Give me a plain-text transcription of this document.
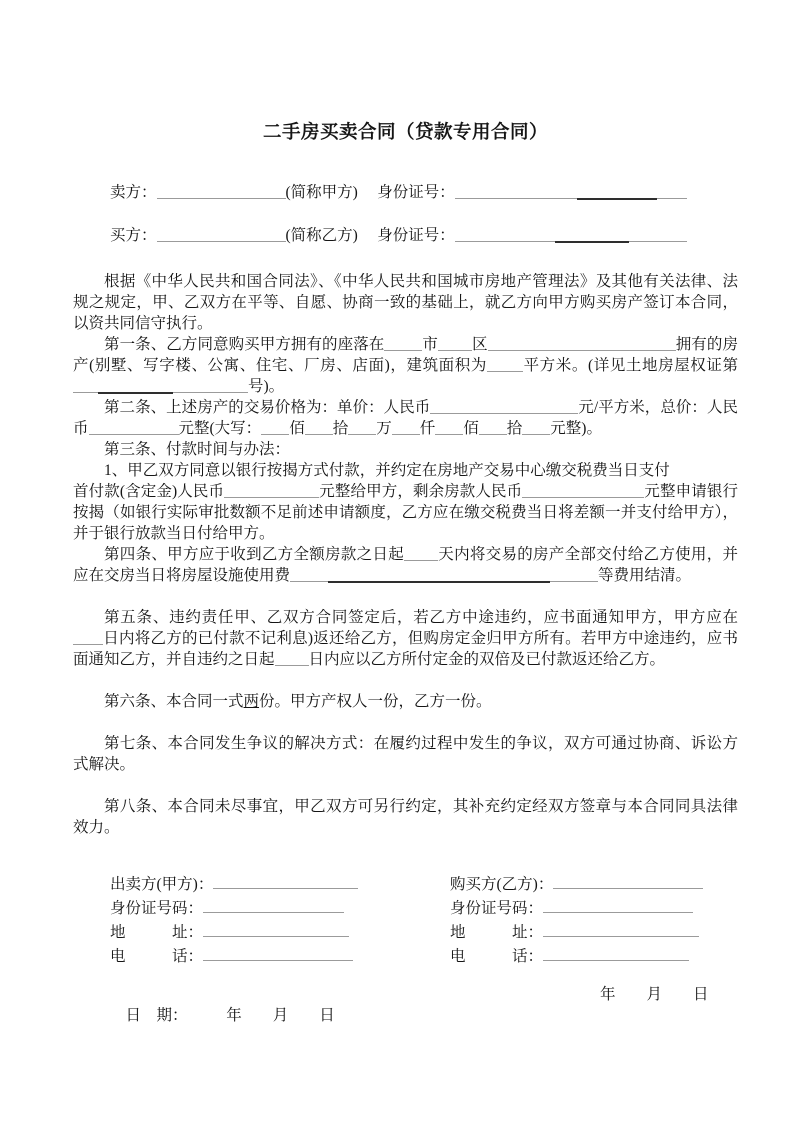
二手房买卖合同（贷款专用合同）
卖方：	(简称甲方)　 身份证号：
买方：	(简称乙方)　 身份证号：

根据《中华人民共和国合同法》、《中华人民共和国城市房地产管理法》及其他有关法律、法规之规定，甲、乙双方在平等、自愿、协商一致的基础上，就乙方向甲方购买房产签订本合同，以资共同信守执行。

第一条、乙方同意购买甲方拥有的座落在 市 区	拥有的房产(别墅、写字楼、公寓、住宅、厂房、店面)，建筑面积为 平方米。(详见土地房屋权证第
号)。

第二条、上述房产的交易价格为：单价：人民币	元/平方米，总价：人民币	元整(大写： 佰 拾 万 仟 佰 拾 元整)。

第三条、付款时间与办法：

1、甲乙双方同意以银行按揭方式付款，并约定在房地产交易中心缴交税费当日支付
首付款(含定金)人民币	元整给甲方，剩余房款人民币	元整申请银行按揭（如银行实际审批数额不足前述申请额度，乙方应在缴交税费当日将差额一并支付给甲方），并于银行放款当日付给甲方。

第四条、甲方应于收到乙方全额房款之日起 天内将交易的房产全部交付给乙方使用，并应在交房当日将房屋设施使用费	等费用结清。

第五条、违约责任甲、乙双方合同签定后，若乙方中途违约，应书面通知甲方，甲方应在日内将乙方的已付款不记利息)返还给乙方，但购房定金归甲方所有。若甲方中途违约，应书面通知乙方，并自违约之日起 日内应以乙方所付定金的双倍及已付款返还给乙方。

第六条、本合同一式两份。甲方产权人一份，乙方一份。

第七条、本合同发生争议的解决方式：在履约过程中发生的争议，双方可通过协商、诉讼方式解决。

第八条、本合同未尽事宜，甲乙双方可另行约定，其补充约定经双方签章与本合同同具法律效力。

出卖方(甲方)：
身份证号码：
地　　　址：
电　　　话：
购买方(乙方)：
身份证号码：
地　　　址：
电　　　话：

日　期：　　　年　　月　　日

年　　月　　日
